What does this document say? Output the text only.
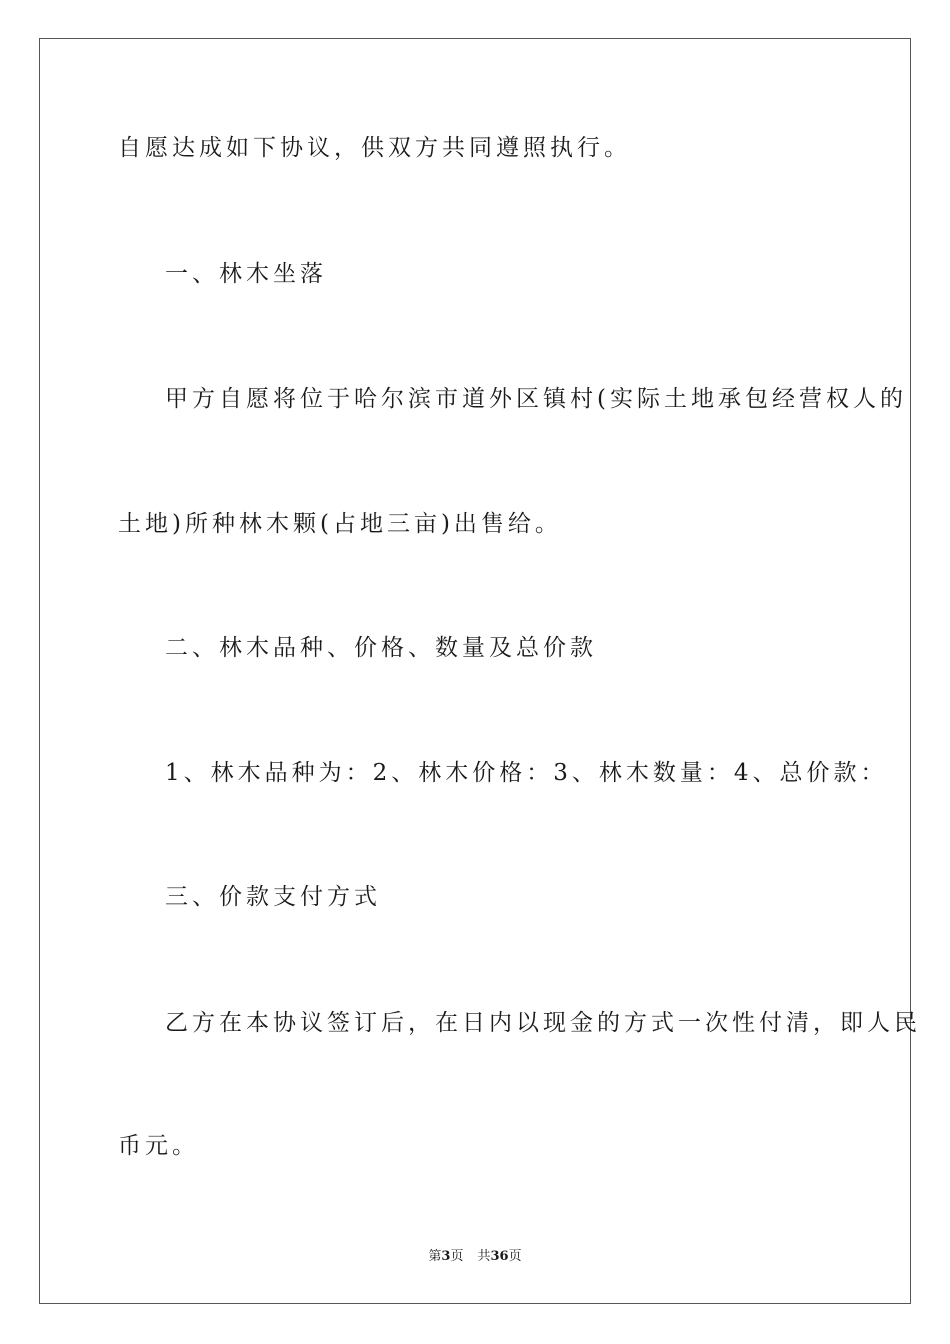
自愿达成如下协议，供双方共同遵照执行。
一、林木坐落
甲方自愿将位于哈尔滨市道外区镇村(实际土地承包经营权人的
土地)所种林木颗(占地三亩)出售给。
二、林木品种、价格、数量及总价款
1、林木品种为：2、林木价格：3、林木数量：4、总价款：
三、价款支付方式
乙方在本协议签订后，在日内以现金的方式一次性付清，即人民
币元。
第3页 共36页
